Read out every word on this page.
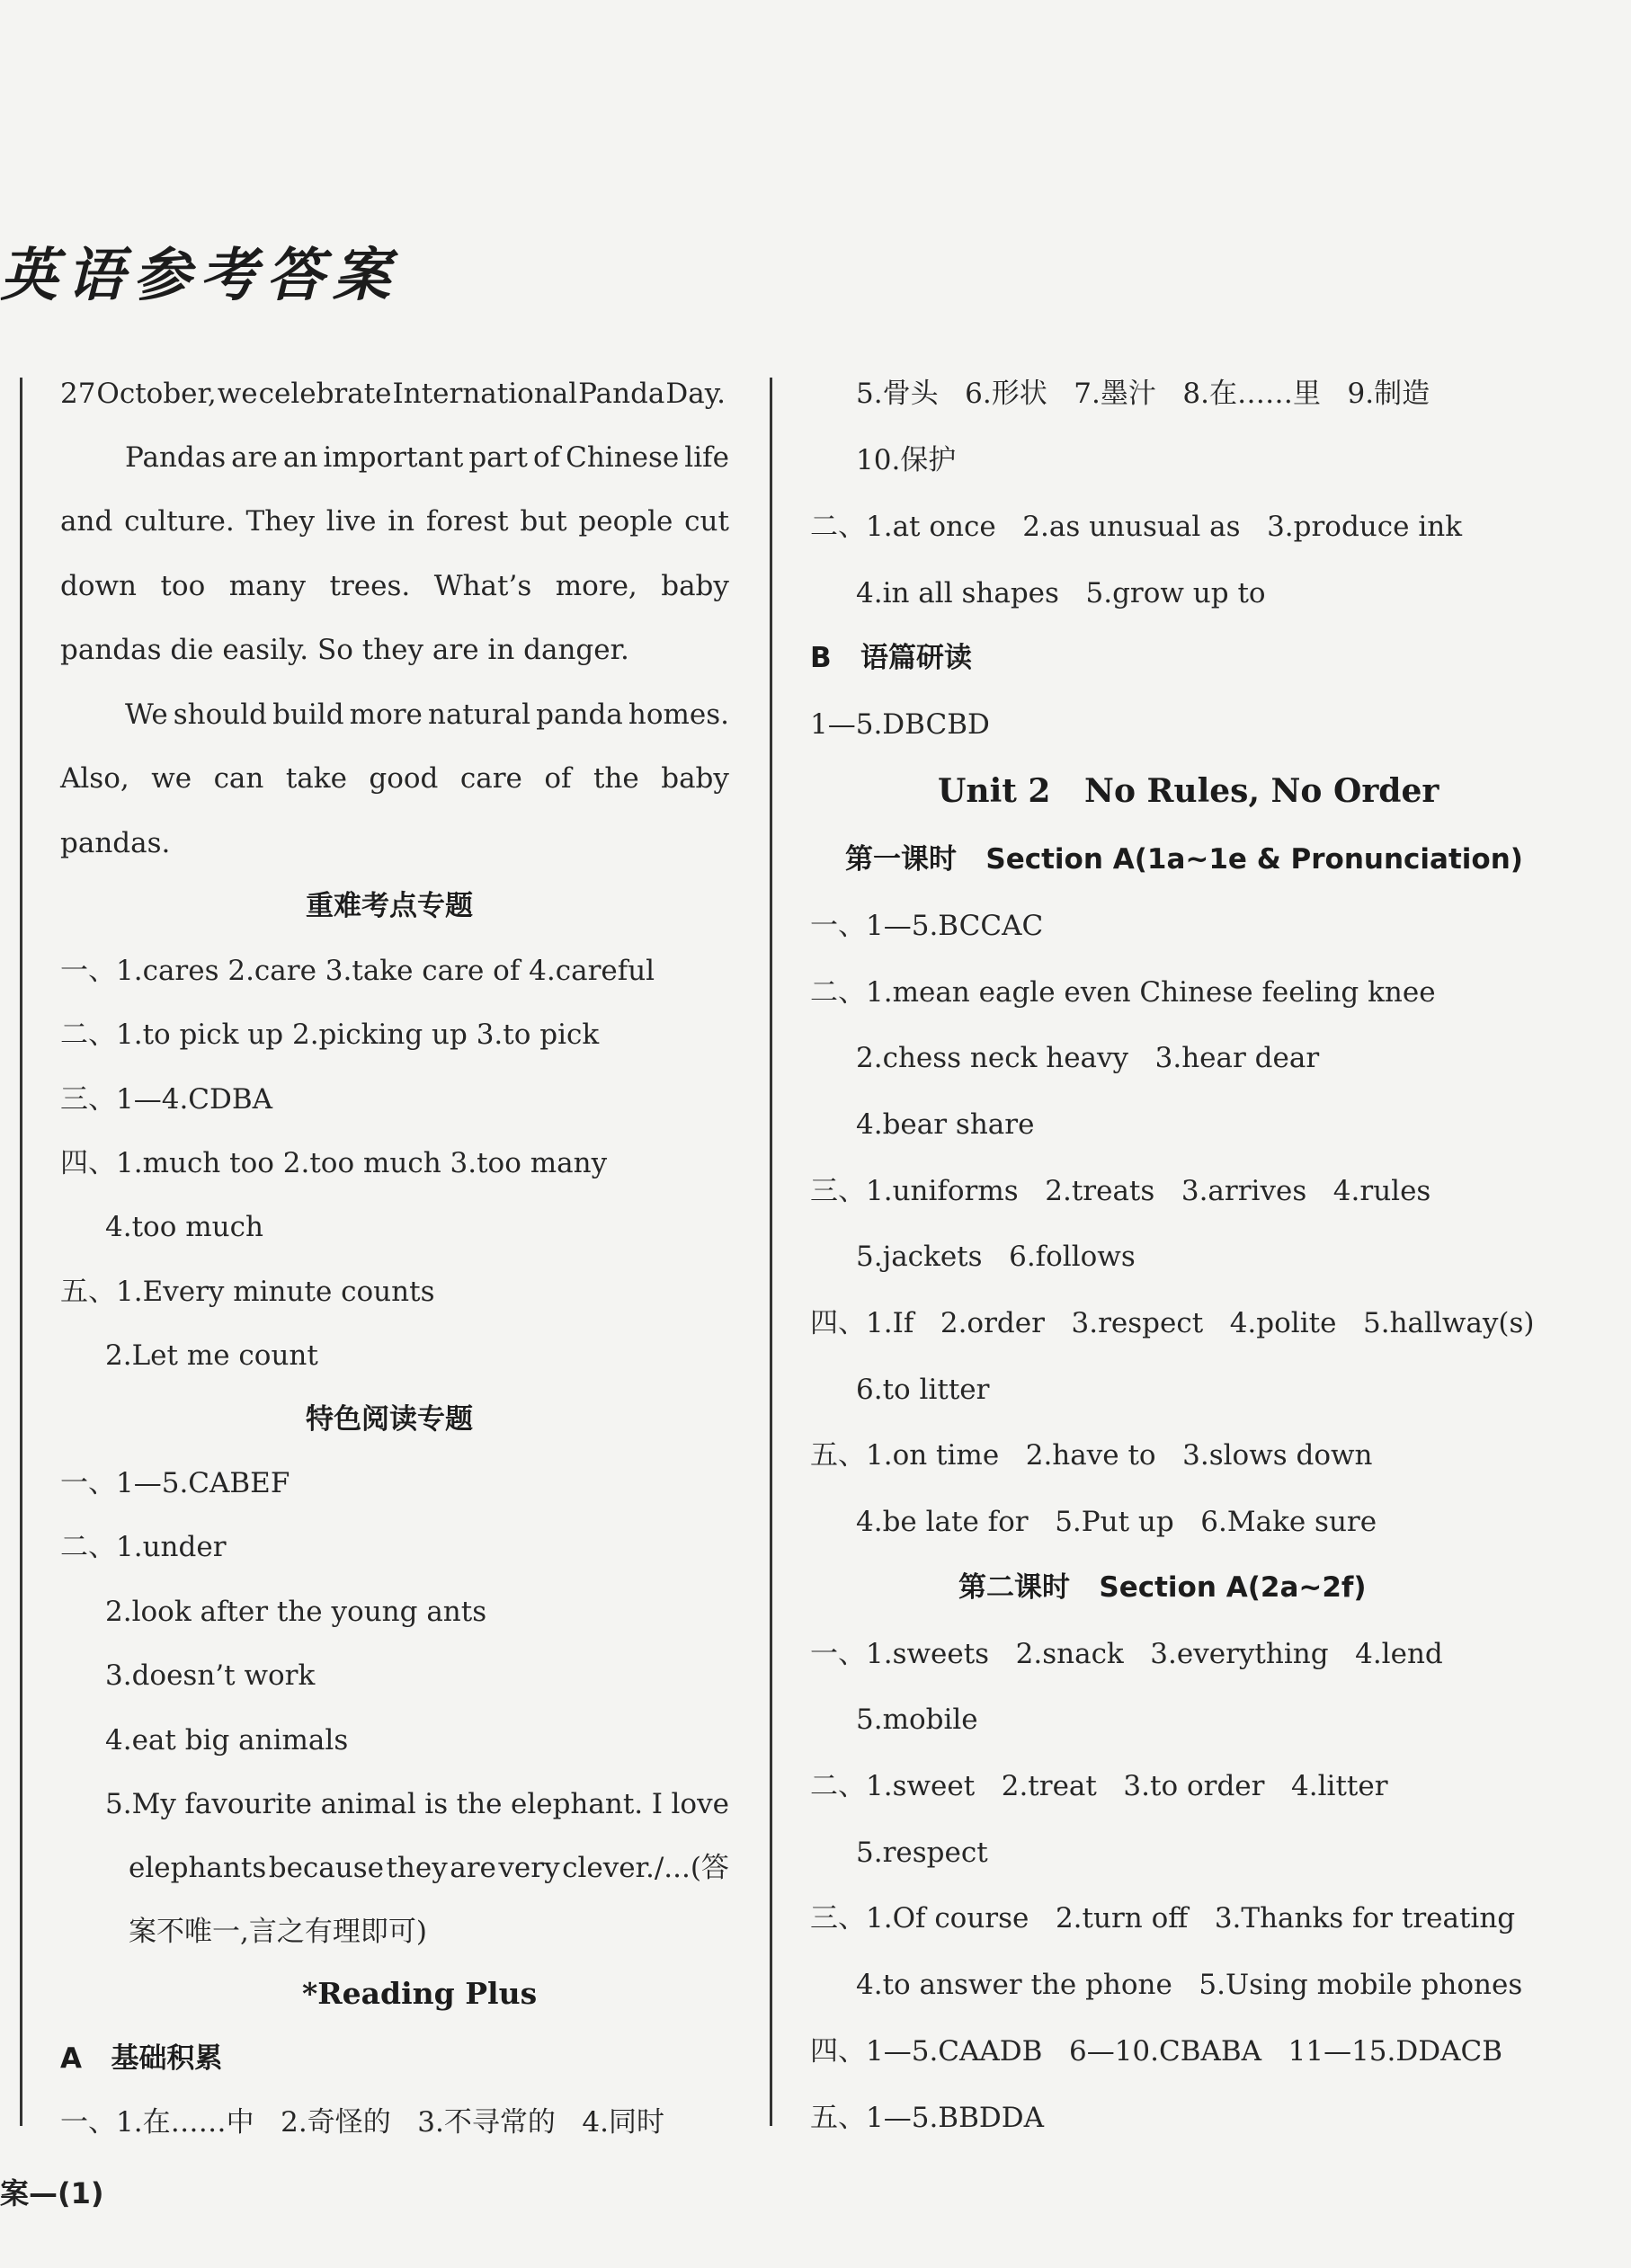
英语参考答案
27 October, we celebrate International Panda Day.
Pandas are an important part of Chinese life
and culture. They live in forest but people cut
down too many trees. What’s more, baby
pandas die easily. So they are in danger.
We should build more natural panda homes.
Also, we can take good care of the baby
pandas.
重难考点专题
一、1.cares 2.care 3.take care of 4.careful
二、1.to pick up 2.picking up 3.to pick
三、1—4.CDBA
四、1.much too 2.too much 3.too many
4.too much
五、1.Every minute counts
2.Let me count
特色阅读专题
一、1—5.CABEF
二、1.under
2.look after the young ants
3.doesn’t work
4.eat big animals
5.My favourite animal is the elephant. I love
elephants because they are very clever./...(答
案不唯一,言之有理即可)
*Reading Plus
A   基础积累
一、1.在……中   2.奇怪的   3.不寻常的   4.同时
5.骨头   6.形状   7.墨汁   8.在……里   9.制造
10.保护
二、1.at once   2.as unusual as   3.produce ink
4.in all shapes   5.grow up to
B   语篇研读
1—5.DBCBD
Unit 2   No Rules, No Order
第一课时   Section A(1a~1e & Pronunciation)
一、1—5.BCCAC
二、1.mean eagle even Chinese feeling knee
2.chess neck heavy   3.hear dear
4.bear share
三、1.uniforms   2.treats   3.arrives   4.rules
5.jackets   6.follows
四、1.If   2.order   3.respect   4.polite   5.hallway(s)
6.to litter
五、1.on time   2.have to   3.slows down
4.be late for   5.Put up   6.Make sure
第二课时   Section A(2a~2f)
一、1.sweets   2.snack   3.everything   4.lend
5.mobile
二、1.sweet   2.treat   3.to order   4.litter
5.respect
三、1.Of course   2.turn off   3.Thanks for treating
4.to answer the phone   5.Using mobile phones
四、1—5.CAADB   6—10.CBABA   11—15.DDACB
五、1—5.BBDDA
案—(1)
